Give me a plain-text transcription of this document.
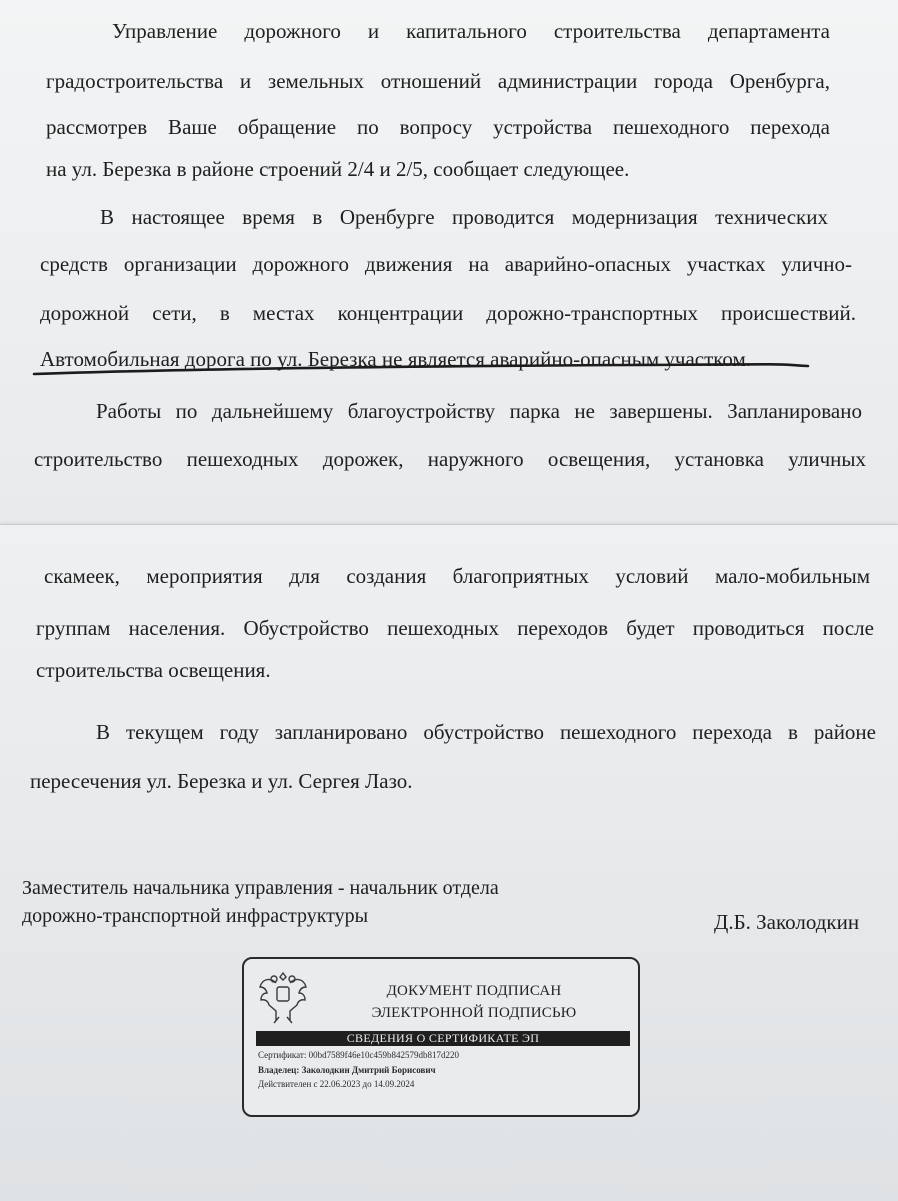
Управление дорожного и капитального строительства департамента
градостроительства и земельных отношений администрации города Оренбурга,
рассмотрев Ваше обращение по вопросу устройства пешеходного перехода
на ул. Березка в районе строений 2/4 и 2/5, сообщает следующее.
В настоящее время в Оренбурге проводится модернизация технических
средств организации дорожного движения на аварийно-опасных участках улично-
дорожной сети, в местах концентрации дорожно-транспортных происшествий.
Автомобильная дорога по ул. Березка не является аварийно-опасным участком.
Работы по дальнейшему благоустройству парка не завершены. Запланировано
строительство пешеходных дорожек, наружного освещения, установка уличных
скамеек, мероприятия для создания благоприятных условий мало-мобильным
группам населения. Обустройство пешеходных переходов будет проводиться после
строительства освещения.
В текущем году запланировано обустройство пешеходного перехода в районе
пересечения ул. Березка и ул. Сергея Лазо.
Заместитель начальника управления - начальник отдела
дорожно-транспортной инфраструктуры	Д.Б. Заколодкин
ДОКУМЕНТ ПОДПИСАН
ЭЛЕКТРОННОЙ ПОДПИСЬЮ
СВЕДЕНИЯ О СЕРТИФИКАТЕ ЭП
Сертификат: 00bd7589f46e10c459b842579db817d220
Владелец: Заколодкин Дмитрий Борисович
Действителен с 22.06.2023 до 14.09.2024
